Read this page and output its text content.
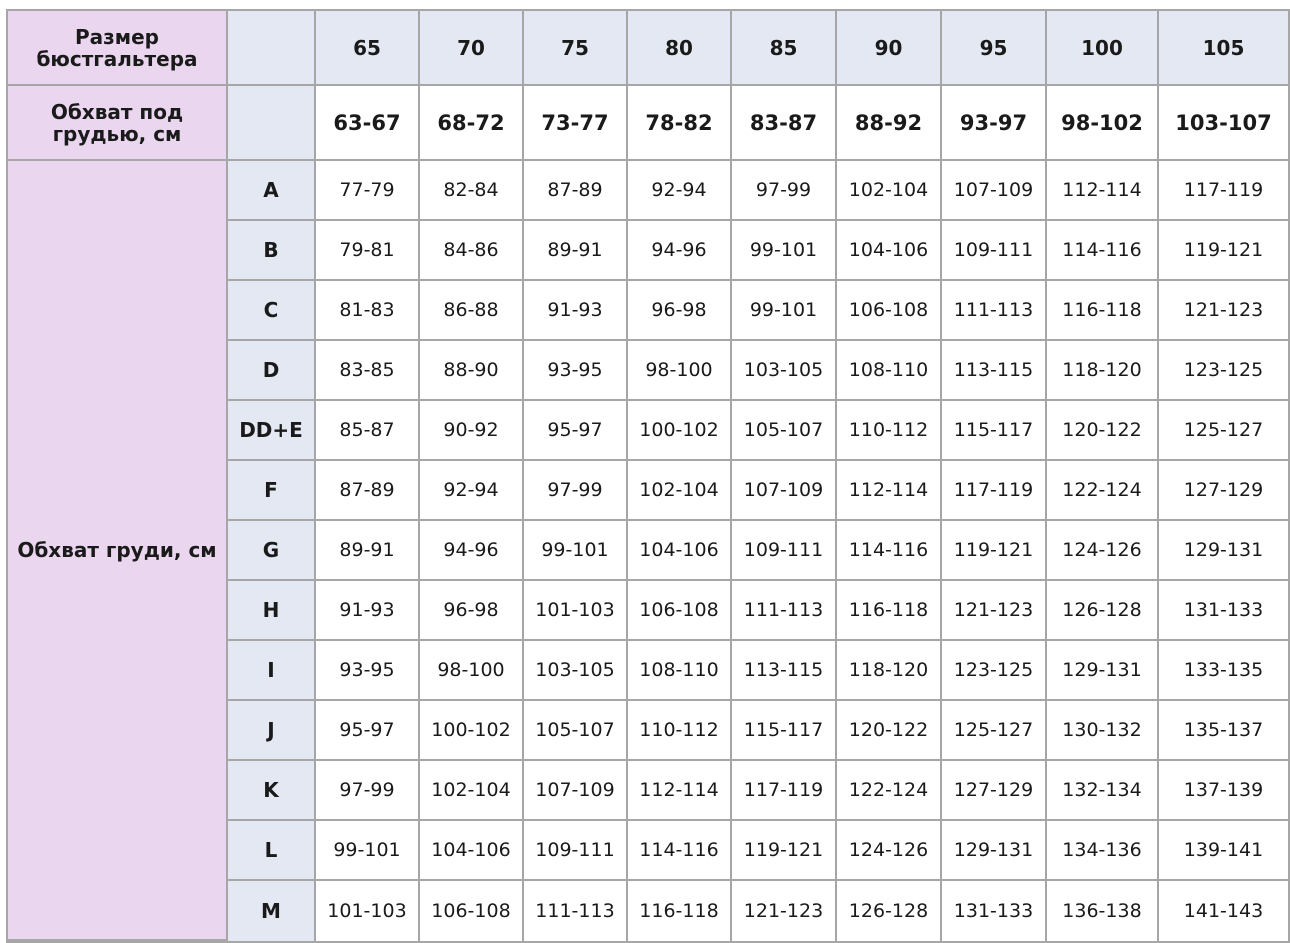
Размер бюстгальтера		65	70	75	80	85	90	95	100	105
Обхват под грудью, см		63-67	68-72	73-77	78-82	83-87	88-92	93-97	98-102	103-107
Обхват груди, см	A	77-79	82-84	87-89	92-94	97-99	102-104	107-109	112-114	117-119
	B	79-81	84-86	89-91	94-96	99-101	104-106	109-111	114-116	119-121
	C	81-83	86-88	91-93	96-98	99-101	106-108	111-113	116-118	121-123
	D	83-85	88-90	93-95	98-100	103-105	108-110	113-115	118-120	123-125
	DD+E	85-87	90-92	95-97	100-102	105-107	110-112	115-117	120-122	125-127
	F	87-89	92-94	97-99	102-104	107-109	112-114	117-119	122-124	127-129
	G	89-91	94-96	99-101	104-106	109-111	114-116	119-121	124-126	129-131
	H	91-93	96-98	101-103	106-108	111-113	116-118	121-123	126-128	131-133
	I	93-95	98-100	103-105	108-110	113-115	118-120	123-125	129-131	133-135
	J	95-97	100-102	105-107	110-112	115-117	120-122	125-127	130-132	135-137
	K	97-99	102-104	107-109	112-114	117-119	122-124	127-129	132-134	137-139
	L	99-101	104-106	109-111	114-116	119-121	124-126	129-131	134-136	139-141
	M	101-103	106-108	111-113	116-118	121-123	126-128	131-133	136-138	141-143
